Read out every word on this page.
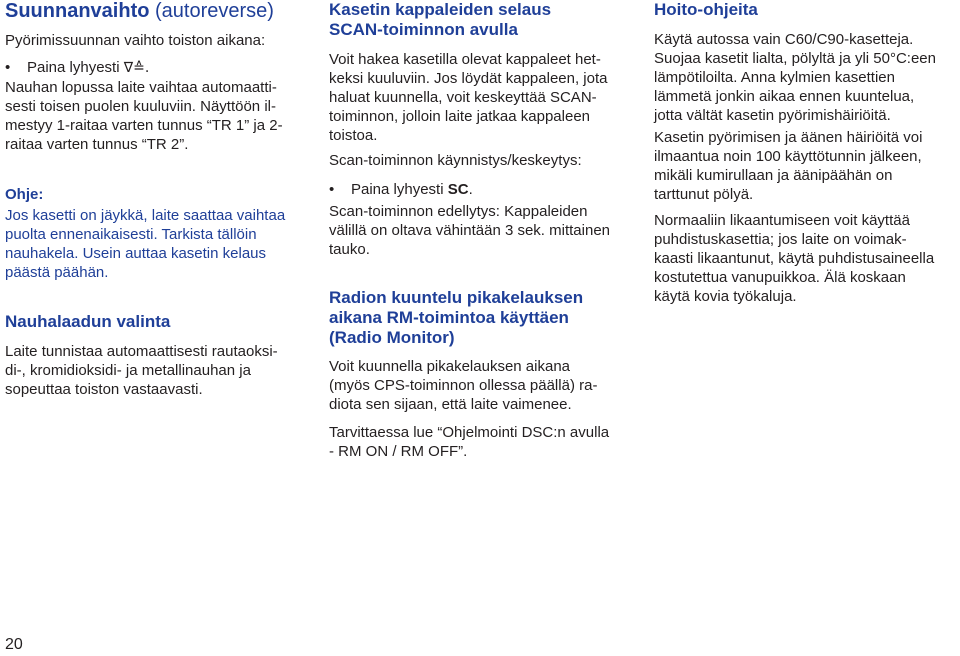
Suunnanvaihto (autoreverse)

Pyörimissuunnan vaihto toiston aikana:

• Paina lyhyesti ∇≙.

Nauhan lopussa laite vaihtaa automaatti-

sesti toisen puolen kuuluviin. Näyttöön il-

mestyy 1-raitaa varten tunnus “TR 1” ja 2-

raitaa varten tunnus “TR 2”.

Ohje:

Jos kasetti on jäykkä, laite saattaa vaihtaa

puolta ennenaikaisesti. Tarkista tällöin

nauhakela. Usein auttaa kasetin kelaus

päästä päähän.

Nauhalaadun valinta

Laite tunnistaa automaattisesti rautaoksi-

di-, kromidioksidi- ja metallinauhan ja

sopeuttaa toiston vastaavasti.

Kasetin kappaleiden selaus
SCAN-toiminnon avulla

Voit hakea kasetilla olevat kappaleet het-

keksi kuuluviin. Jos löydät kappaleen, jota

haluat kuunnella, voit keskeyttää SCAN-

toiminnon, jolloin laite jatkaa kappaleen

toistoa.

Scan-toiminnon käynnistys/keskeytys:

• Paina lyhyesti SC.

Scan-toiminnon edellytys: Kappaleiden

välillä on oltava vähintään 3 sek. mittainen

tauko.

Radion kuuntelu pikakelauksen
aikana RM-toimintoa käyttäen
(Radio Monitor)

Voit kuunnella pikakelauksen aikana

(myös CPS-toiminnon ollessa päällä) ra-

diota sen sijaan, että laite vaimenee.

Tarvittaessa lue “Ohjelmointi DSC:n avulla

- RM ON / RM OFF”.

Hoito-ohjeita

Käytä autossa vain C60/C90-kasetteja.

Suojaa kasetit lialta, pölyltä ja yli 50°C:een

lämpötiloilta. Anna kylmien kasettien

lämmetä jonkin aikaa ennen kuuntelua,

jotta vältät kasetin pyörimishäiriöitä.

Kasetin pyörimisen ja äänen häiriöitä voi

ilmaantua noin 100 käyttötunnin jälkeen,

mikäli kumirullaan ja äänipäähän on

tarttunut pölyä.

Normaaliin likaantumiseen voit käyttää

puhdistuskasettia; jos laite on voimak-

kaasti likaantunut, käytä puhdistusaineella

kostutettua vanupuikkoa. Älä koskaan

käytä kovia työkaluja.

20
